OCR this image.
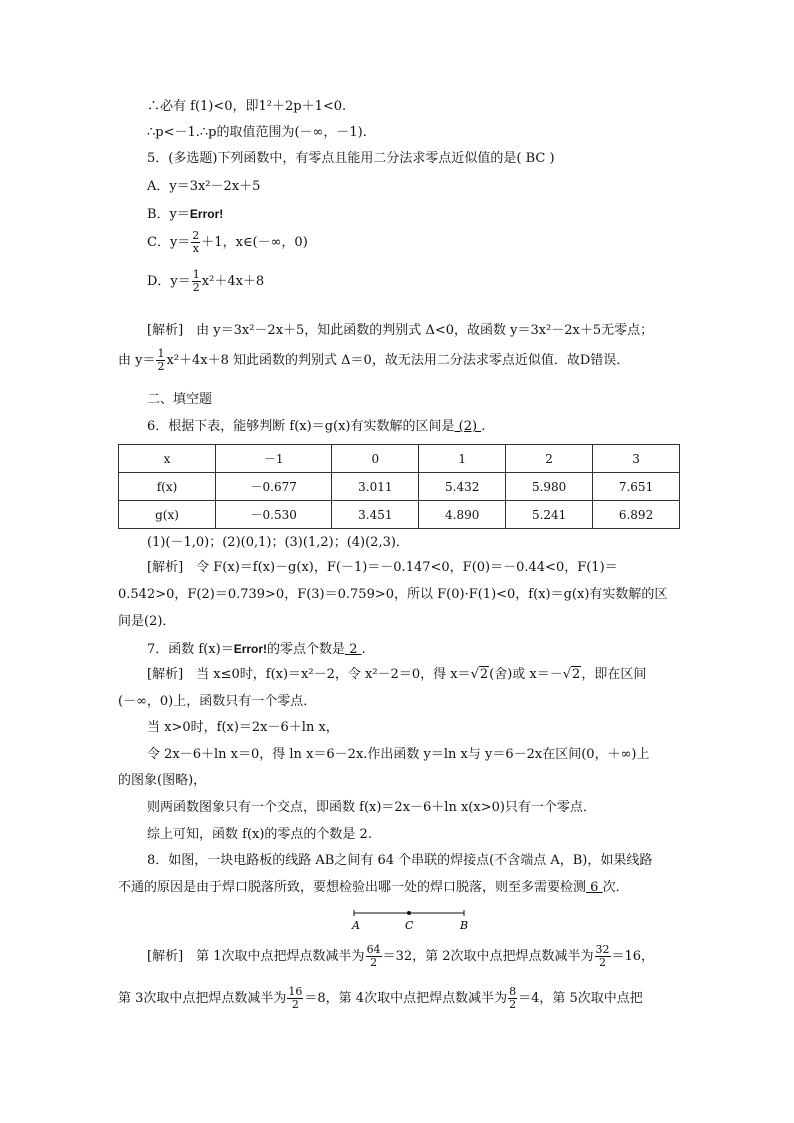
∴必有 f(1)<0，即1²＋2p＋1<0.
∴p<－1.∴p的取值范围为(－∞，－1).
5．(多选题)下列函数中，有零点且能用二分法求零点近似值的是( BC )
A．y＝3x²－2x＋5
B．y＝Error!
C．$y= \frac{2}{x} +1$，x∈(－∞，0)
D．$y= \frac{1}{2} x^2+4x+8$
[解析]　由 y＝3x²－2x＋5，知此函数的判别式 Δ<0，故函数 y＝3x²－2x＋5无零点；
由 $y= \frac{1}{2} x^2+4x+8$ 知此函数的判别式 Δ＝0，故无法用二分法求零点近似值．故D错误．
二、填空题
6．根据下表，能够判断 f(x)＝g(x)有实数解的区间是 (2) .
x	－1	0	1	2	3
f(x)	－0.677	3.011	5.432	5.980	7.651
g(x)	－0.530	3.451	4.890	5.241	6.892
(1)(－1,0)；(2)(0,1)；(3)(1,2)；(4)(2,3)．
[解析]　令 F(x)＝f(x)－g(x)，F(－1)＝－0.147<0，F(0)＝－0.44<0，F(1)＝
0.542>0，F(2)＝0.739>0，F(3)＝0.759>0，所以 F(0)·F(1)<0，f(x)＝g(x)有实数解的区
间是(2)．
7．函数 f(x)＝Error!的零点个数是 2 .
[解析]　当 x≤0时，f(x)＝x²－2，令 x²－2＝0，得 x＝√2(舍)或 x＝－√2，即在区间
(－∞，0)上，函数只有一个零点．
当 x>0时，f(x)＝2x－6＋ln x，
令 2x－6＋ln x＝0，得 ln x＝6－2x.作出函数 y＝ln x与 y＝6－2x在区间(0，＋∞)上
的图象(图略)，
则两函数图象只有一个交点，即函数 f(x)＝2x－6＋ln x(x>0)只有一个零点．
综上可知，函数 f(x)的零点的个数是 2.
8．如图，一块电路板的线路 AB之间有 64 个串联的焊接点(不含端点 A，B)，如果线路
不通的原因是由于焊口脱落所致，要想检验出哪一处的焊口脱落，则至多需要检测 6 次．
A	C	B
[解析]　第 1次取中点把焊点数减半为 $\frac{64}{2} =32$，第 2次取中点把焊点数减半为 $\frac{32}{2} =16$，
第 3次取中点把焊点数减半为 $\frac{16}{2} =8$，第 4次取中点把焊点数减半为 $\frac{8}{2} =4$，第 5次取中点把
